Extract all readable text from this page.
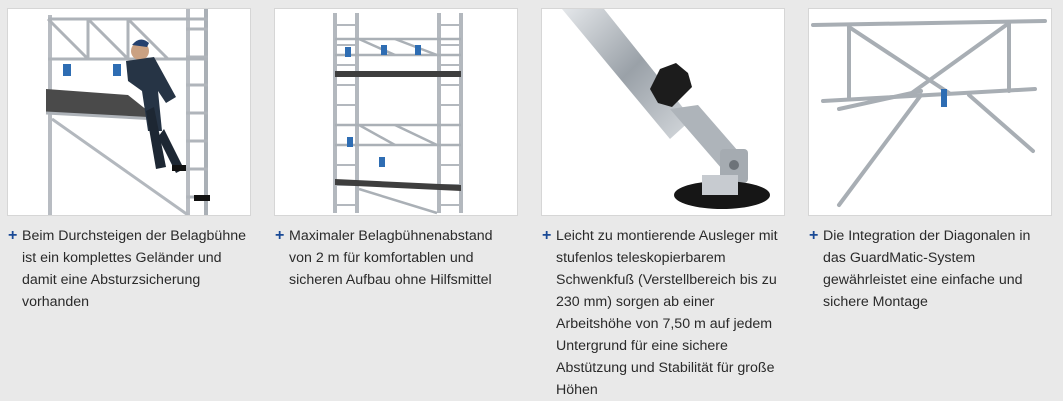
+ Beim Durchsteigen der Belagbühne ist ein komplettes Geländer und damit eine Absturzsicherung vorhanden
+ Maximaler Belagbühnenabstand von 2 m für komfortablen und sicheren Aufbau ohne Hilfsmittel
+ Leicht zu montierende Ausleger mit stufenlos teleskopierbarem Schwenkfuß (Verstellbereich bis zu 230 mm) sorgen ab einer Arbeitshöhe von 7,50 m auf jedem Untergrund für eine sichere Abstützung und Stabilität für große Höhen
+ Die Integration der Diagonalen in das GuardMatic-System gewährleistet eine einfache und sichere Montage
